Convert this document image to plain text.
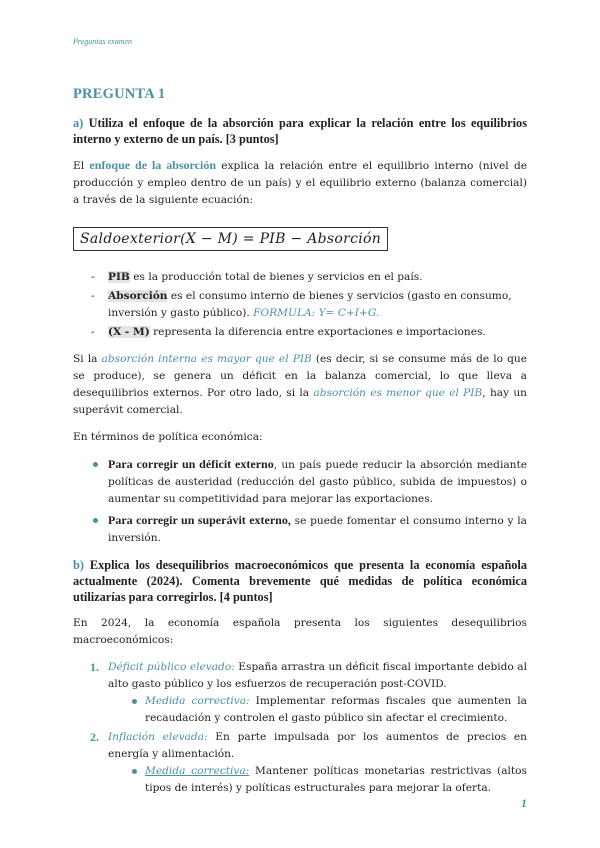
Preguntas examen
PREGUNTA 1
a) Utiliza el enfoque de la absorción para explicar la relación entre los equilibrios interno y externo de un país. [3 puntos]

El enfoque de la absorción explica la relación entre el equilibrio interno (nivel de producción y empleo dentro de un país) y el equilibrio externo (balanza comercial) a través de la siguiente ecuación:

Saldoexterior(X − M) = PIB − Absorción
- PIB es la producción total de bienes y servicios en el país.
- Absorción es el consumo interno de bienes y servicios (gasto en consumo, inversión y gasto público). FORMULA: Y= C+I+G.
- (X - M) representa la diferencia entre exportaciones e importaciones.

Si la absorción interna es mayor que el PIB (es decir, si se consume más de lo que se produce), se genera un déficit en la balanza comercial, lo que lleva a desequilibrios externos. Por otro lado, si la absorción es menor que el PIB, hay un superávit comercial.

En términos de política económica:

Para corregir un déficit externo, un país puede reducir la absorción mediante políticas de austeridad (reducción del gasto público, subida de impuestos) o aumentar su competitividad para mejorar las exportaciones.
Para corregir un superávit externo, se puede fomentar el consumo interno y la inversión.
b) Explica los desequilibrios macroeconómicos que presenta la economía española actualmente (2024). Comenta brevemente qué medidas de política económica utilizarías para corregirlos. [4 puntos]

En 2024, la economía española presenta los siguientes desequilibrios macroeconómicos:

1. Déficit público elevado: España arrastra un déficit fiscal importante debido al alto gasto público y los esfuerzos de recuperación post-COVID.
Medida correctiva: Implementar reformas fiscales que aumenten la recaudación y controlen el gasto público sin afectar el crecimiento.
2. Inflación elevada: En parte impulsada por los aumentos de precios en energía y alimentación.
Medida correctiva: Mantener políticas monetarias restrictivas (altos tipos de interés) y políticas estructurales para mejorar la oferta.
1
